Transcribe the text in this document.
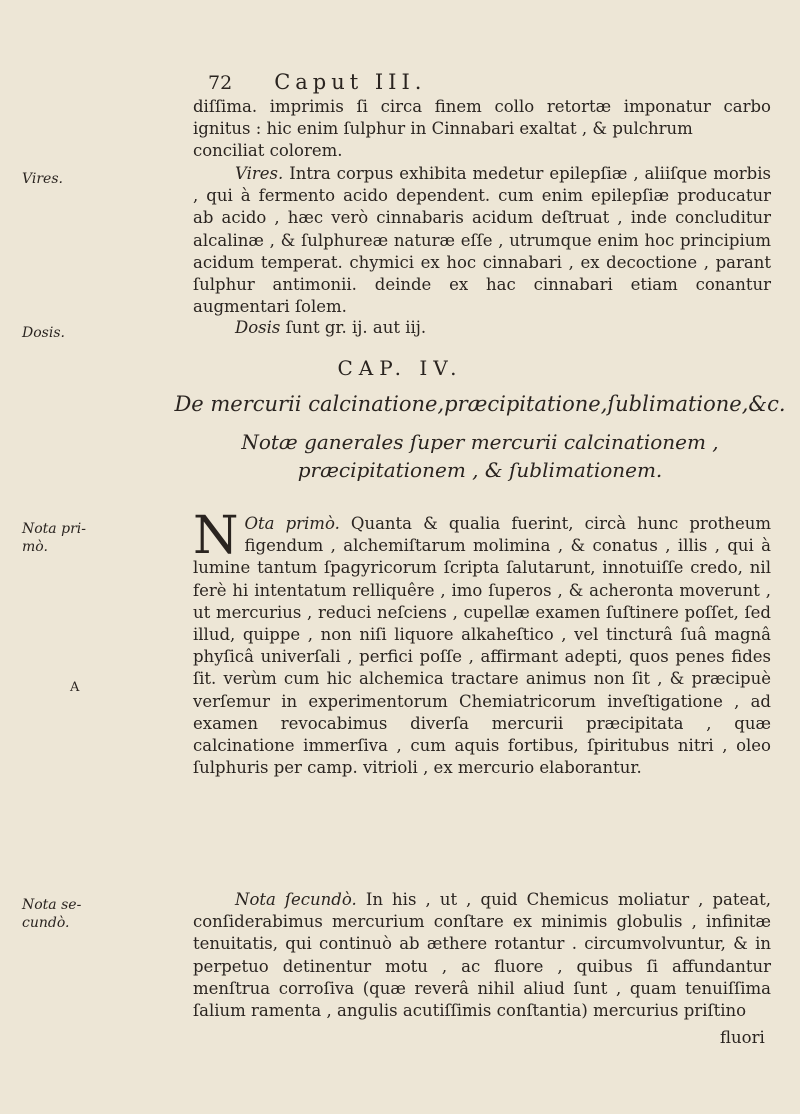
72 Caput III.

diſſima. imprimis ſi circa finem collo retortæ imponatur carbo ignitus : hic enim ſulphur in Cinnabari exaltat , & pulchrum

conciliat colorem.

Vires.	Vires. Intra corpus exhibita medetur epilepſiæ , aliiſque morbis , qui à fermento acido dependent. cum enim epilepſiæ producatur ab acido , hæc verò cinnabaris acidum deſtruat , inde concluditur alcalinæ , & ſulphureæ naturæ eſſe , utrumque enim hoc principium acidum temperat. chymici ex hoc cinnabari , ex decoctione , parant ſulphur antimonii. deinde ex hac cinnabari etiam conantur augmentari ſolem.

Dosis.	Dosis ſunt gr. ij. aut iij.

CAP. IV.
De mercurii calcinatione,præcipitatione,ſublimatione,&c.
Notæ ganerales ſuper mercurii calcinationem , præcipitationem , & ſublimationem.
Nota pri-mò.	N Ota primò. Quanta & qualia fuerint, circà hunc protheum figendum , alchemiſtarum molimina , & conatus , illis , qui à lumine tantum ſpagyricorum ſcripta ſalutarunt, innotuiſſe credo, nil ferè hi intentatum relliquêre , imo ſuperos , & acheronta moverunt , ut mercurius , reduci neſciens , cupellæ examen ſuſtinere poſſet, ſed illud, quippe , non niſi liquore alkaheſtico , vel tincturâ ſuâ magnâ phyſicâ univerſali , perfici poſſe , affirmant adepti, quos penes fides ſit. verùm cum hic alchemica tractare animus non ſit , & præcipuè verſemur in experimentorum Chemiatricorum inveſtigatione , ad examen revocabimus diverſa mercurii præcipitata , quæ calcinatione immerſiva , cum aquis fortibus, ſpiritubus nitri , oleo ſulphuris per camp. vitrioli , ex mercurio elaborantur.

A
Nota se-cundò.

Nota ſecundò. In his , ut , quid Chemicus moliatur , pateat, conſiderabimus mercurium conſtare ex minimis globulis , infinitæ tenuitatis, qui continuò ab æthere rotantur . circumvolvuntur, & in perpetuo detinentur motu , ac fluore , quibus ſi affundantur menſtrua corroſiva (quæ reverâ nihil aliud ſunt , quam tenuiſſima ſalium ramenta , angulis acutiſſimis conſtantia) mercurius priſtino

fluori
